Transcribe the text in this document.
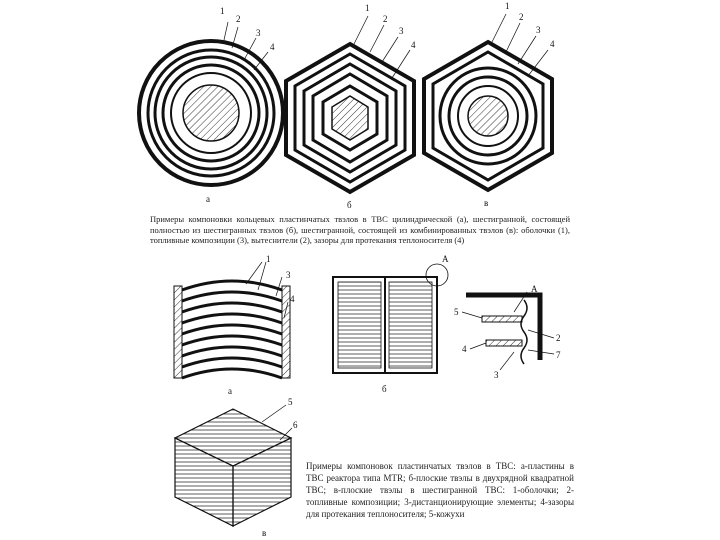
1
2
3
4
а
1
2
3
4
б
1
2
3
4
в
1
3
4
а
A
б
A
5
4
2
7
3
5
6
в
Примеры компоновки кольцевых пластинчатых твэлов в ТВС цилиндрической (а), шестигранной, состоящей полностью из шестигранных твэлов (б), шестигранной, состоящей из комбинированных твэлов (в): оболочки (1), топливные композиции (3), вытеснители (2), зазоры для протекания теплоносителя (4)
Примеры компоновок пластинчатых твэлов в ТВС: а-пластины в ТВС реактора типа MTR; б-плоские твэлы в двухрядной квадратной ТВС; в-плоские твэлы в шестигранной ТВС: 1-оболочки; 2-топливные композиции; 3-дистанционирующие элементы; 4-зазоры для протекания теплоносителя; 5-кожухи
